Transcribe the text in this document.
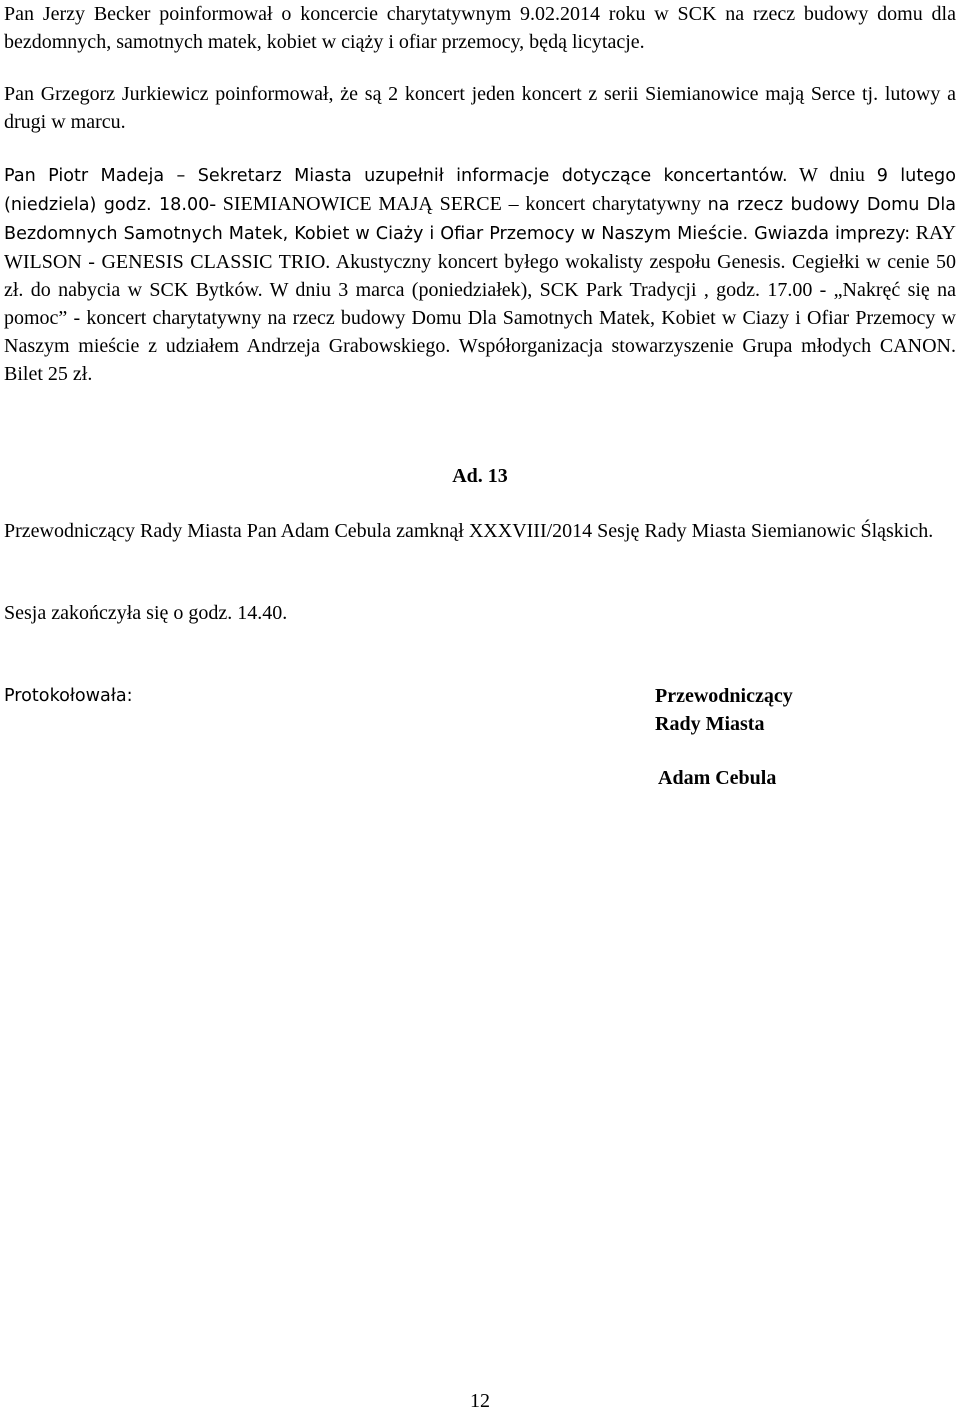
Pan Jerzy Becker poinformował o koncercie charytatywnym 9.02.2014 roku w SCK na rzecz budowy domu dla bezdomnych, samotnych matek, kobiet w ciąży i ofiar przemocy, będą licytacje.

Pan Grzegorz Jurkiewicz poinformował, że są 2 koncert jeden koncert z serii Siemianowice mają Serce tj. lutowy a drugi w marcu.

Pan Piotr Madeja – Sekretarz Miasta uzupełnił informacje dotyczące koncertantów. W dniu 9 lutego (niedziela) godz. 18.00- SIEMIANOWICE MAJĄ SERCE – koncert charytatywny na rzecz budowy Domu Dla Bezdomnych Samotnych Matek, Kobiet w Ciaży i Ofiar Przemocy w Naszym Mieście. Gwiazda imprezy: RAY WILSON - GENESIS CLASSIC TRIO. Akustyczny koncert byłego wokalisty zespołu Genesis. Cegiełki w cenie 50 zł. do nabycia w SCK Bytków. W dniu 3 marca (poniedziałek), SCK Park Tradycji , godz. 17.00 - „Nakręć się na pomoc” - koncert charytatywny na rzecz budowy Domu Dla Samotnych Matek, Kobiet w Ciazy i Ofiar Przemocy w Naszym mieście z udziałem Andrzeja Grabowskiego. Współorganizacja stowarzyszenie Grupa młodych CANON. Bilet 25 zł.

Ad. 13

Przewodniczący Rady Miasta Pan Adam Cebula zamknął XXXVIII/2014 Sesję Rady Miasta Siemianowic Śląskich.

Sesja zakończyła się o godz. 14.40.

Protokołowała:	Przewodniczący
Rady Miasta

Adam Cebula

12
